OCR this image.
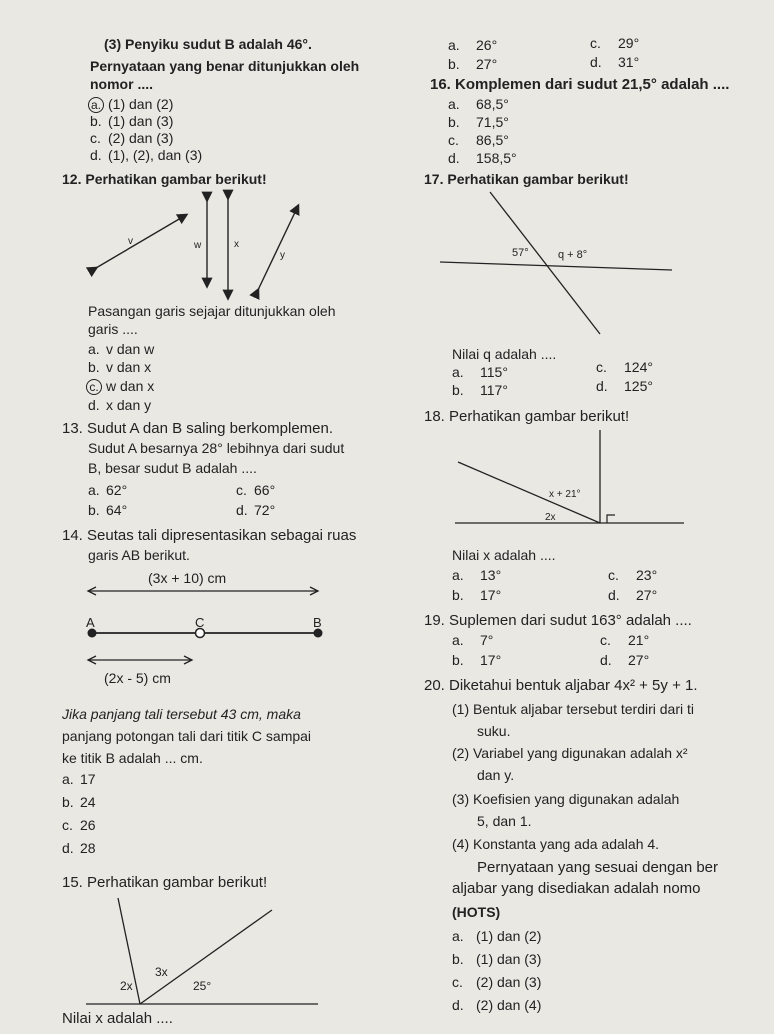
(3) Penyiku sudut B adalah 46°.
Pernyataan yang benar ditunjukkan oleh
nomor ....
a. (1) dan (2)
b. (1) dan (3)
c. (2) dan (3)
d. (1), (2), dan (3)
12. Perhatikan gambar berikut!
v	w	x
y
Pasangan garis sejajar ditunjukkan oleh
garis ....
a. v dan w
b. v dan x
c. w dan x
d. x dan y
13. Sudut A dan B saling berkomplemen.
Sudut A besarnya 28° lebihnya dari sudut
B, besar sudut B adalah ....
a. 62°
b. 64°
c. 66°
d. 72°
14. Seutas tali dipresentasikan sebagai ruas
garis AB berikut.
(3x + 10) cm
A	C	B
(2x - 5) cm
Jika panjang tali tersebut 43 cm, maka
panjang potongan tali dari titik C sampai
ke titik B adalah ... cm.
a. 17
b. 24
c. 26
d. 28
15. Perhatikan gambar berikut!
2x
3x
25°
Nilai x adalah ....
a. 26°
b. 27°
c. 29°
d. 31°
16. Komplemen dari sudut 21,5° adalah ....
a. 68,5°
b. 71,5°
c. 86,5°
d. 158,5°
17. Perhatikan gambar berikut!
57°	q + 8°
Nilai q adalah ....
a. 115°
b. 117°
c. 124°
d. 125°
18. Perhatikan gambar berikut!
x + 21°
2x
Nilai x adalah ....
a. 13°
b. 17°
c. 23°
d. 27°
19. Suplemen dari sudut 163° adalah ....
a. 7°
b. 17°
c. 21°
d. 27°
20. Diketahui bentuk aljabar 4x² + 5y + 1.
(1) Bentuk aljabar tersebut terdiri dari ti
suku.
(2) Variabel yang digunakan adalah x²
dan y.
(3) Koefisien yang digunakan adalah
5, dan 1.
(4) Konstanta yang ada adalah 4.
Pernyataan yang sesuai dengan ber
aljabar yang disediakan adalah nomo
(HOTS)
a. (1) dan (2)
b. (1) dan (3)
c. (2) dan (3)
d. (2) dan (4)
